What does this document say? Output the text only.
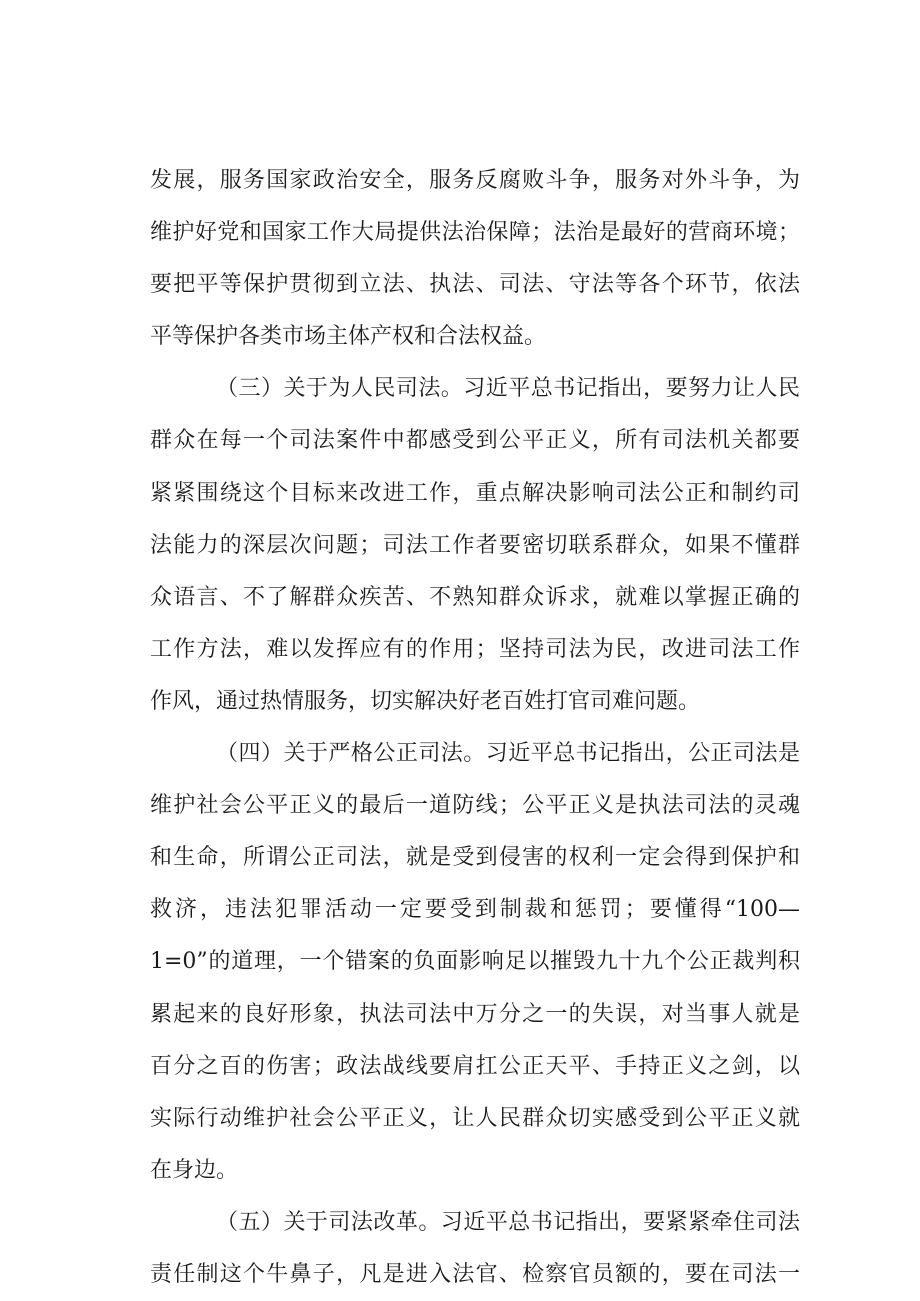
发展，服务国家政治安全，服务反腐败斗争，服务对外斗争，为
维护好党和国家工作大局提供法治保障；法治是最好的营商环境；
要把平等保护贯彻到立法、执法、司法、守法等各个环节，依法
平等保护各类市场主体产权和合法权益。
（三）关于为人民司法。习近平总书记指出，要努力让人民
群众在每一个司法案件中都感受到公平正义，所有司法机关都要
紧紧围绕这个目标来改进工作，重点解决影响司法公正和制约司
法能力的深层次问题；司法工作者要密切联系群众，如果不懂群
众语言、不了解群众疾苦、不熟知群众诉求，就难以掌握正确的
工作方法，难以发挥应有的作用；坚持司法为民，改进司法工作
作风，通过热情服务，切实解决好老百姓打官司难问题。
（四）关于严格公正司法。习近平总书记指出，公正司法是
维护社会公平正义的最后一道防线；公平正义是执法司法的灵魂
和生命，所谓公正司法，就是受到侵害的权利一定会得到保护和
救济，违法犯罪活动一定要受到制裁和惩罚；要懂得“100—
1=0”的道理，一个错案的负面影响足以摧毁九十九个公正裁判积
累起来的良好形象，执法司法中万分之一的失误，对当事人就是
百分之百的伤害；政法战线要肩扛公正天平、手持正义之剑，以
实际行动维护社会公平正义，让人民群众切实感受到公平正义就
在身边。
（五）关于司法改革。习近平总书记指出，要紧紧牵住司法
责任制这个牛鼻子，凡是进入法官、检察官员额的，要在司法一
